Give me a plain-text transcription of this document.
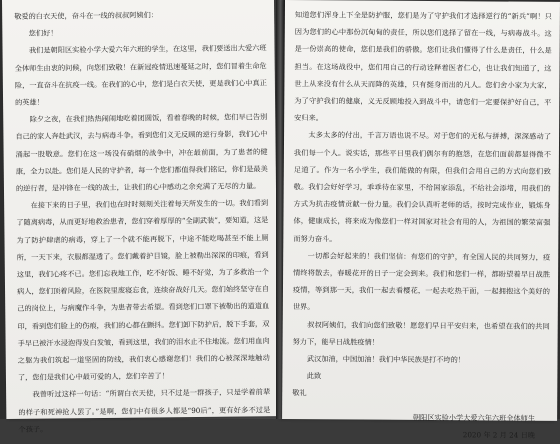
敬爱的白衣天使，奋斗在一线的叔叔阿姨们：

您们好！

我们是朝阳区实验小学大爱六年六班的学生，在这里，我们要送出大爱六班全体师生由衷的问候，向您们致敬！在新冠疫情迅速蔓延之时，您们冒着生命危险，一直奋斗在抗疫一线。在我们的心中，您们是白衣天使，更是我们心中真正的英雄！

除夕之夜，在我们热热闹闹地吃着团圆饭，看着春晚的时候，您们早已告别自己的家人奔赴武汉，去与病毒斗争。看到您们义无反顾的逆行身影，我们心中涌起一股敬意。您们在这一场没有硝烟的战争中，冲在最前面，为了患者的健康，全力以赴。您们是人民的守护者，每一个您们都值得我们铭记，你们是最美的逆行者，是冲锋在一线的战士，让我们的心中感动之余充满了无尽的力量。

在接下来的日子里，我们也在时时刻刻关注着每天所发生的一切。我们看到了随离病毒，从而更好地救治患者，您们穿着厚厚的“全副武装”，要知道，这是为了防护肆虐的病毒，穿上了一个就不能再脱下，中途不能吃喝甚至不能上厕所，一天下来，衣服都湿透了。您们戴着护目镜，脸上被勒出深深的印痕，看到这里，我们心疼不已。您们忘我地工作，吃不好饭、睡不好觉，为了多救治一个病人，您们顶着风险，在医院里废寝忘食，连续奋战好几天。您们始终坚守在自己的岗位上，与病魔作斗争，为患者带去希望。看到您们口罩下被勒出的道道血印，看到您们脸上的伤痕，我们的心都在颤抖。您们卸下防护后，脱下手套，双手早已被汗水浸泡得发白发皱，看到这里，我们的泪水止不住地流。您们用血肉之躯为我们筑起一道坚固的防线，我们衷心感谢您们！我们的心被深深地触动了，您们是我们心中最可爱的人，您们辛苦了！

我曾听过这样一句话：“所谓白衣天使，只不过是一群孩子，只是学着前辈的样子和死神抢人罢了。”是啊，您们中有很多人都是“90后”，更有好多不过是个孩子。

知道您们浑身上下全是防护服，您们是为了守护我们才选择逆行的“新兵”啊！只因为您们的心中那份沉甸甸的责任，所以您们选择了留在一线，与病毒战斗。这是一份崇高的使命，您们是我们的骄傲。您们让我们懂得了什么是责任，什么是担当。在这场战役中，您们用自己的行动诠释着医者仁心，也让我们知道了，这世上从来没有什么从天而降的英雄，只有挺身而出的凡人。您们舍小家为大家，为了守护我们的健康，义无反顾地投入到战斗中，请您们一定要保护好自己，平安归来。

太多太多的付出，千言万语也说不尽。对于您们的无私与拼搏，深深感动了我们每一个人。说实话，那些平日里我们偶尔有的抱怨，在您们面前都显得微不足道了。作为一名小学生，我们能做的有限，但我们会用自己的方式向您们致敬。我们会好好学习，乖乖待在家里，不给国家添乱，不给社会添堵，用我们的方式为抗击疫情贡献一份力量。我们会认真听老师的话，按时完成作业，锻炼身体，健康成长，将来成为像您们一样对国家对社会有用的人，为祖国的繁荣富强而努力奋斗。

一切都会好起来的！我们坚信：有您们的守护，有全国人民的共同努力，疫情终将散去，春暖花开的日子一定会到来。我们和您们一样，都盼望着早日战胜疫情，等到那一天，我们一起去看樱花，一起去吃热干面，一起拥抱这个美好的世界。

叔叔阿姨们，我们向您们致敬！愿您们早日平安归来，也希望在我们的共同努力下，能早日战胜疫情！

武汉加油，中国加油！我们中华民族是打不垮的！

此致

敬礼

朝阳区实验小学大爱六年六班全体师生

2020 年 2 月 24 日晚
